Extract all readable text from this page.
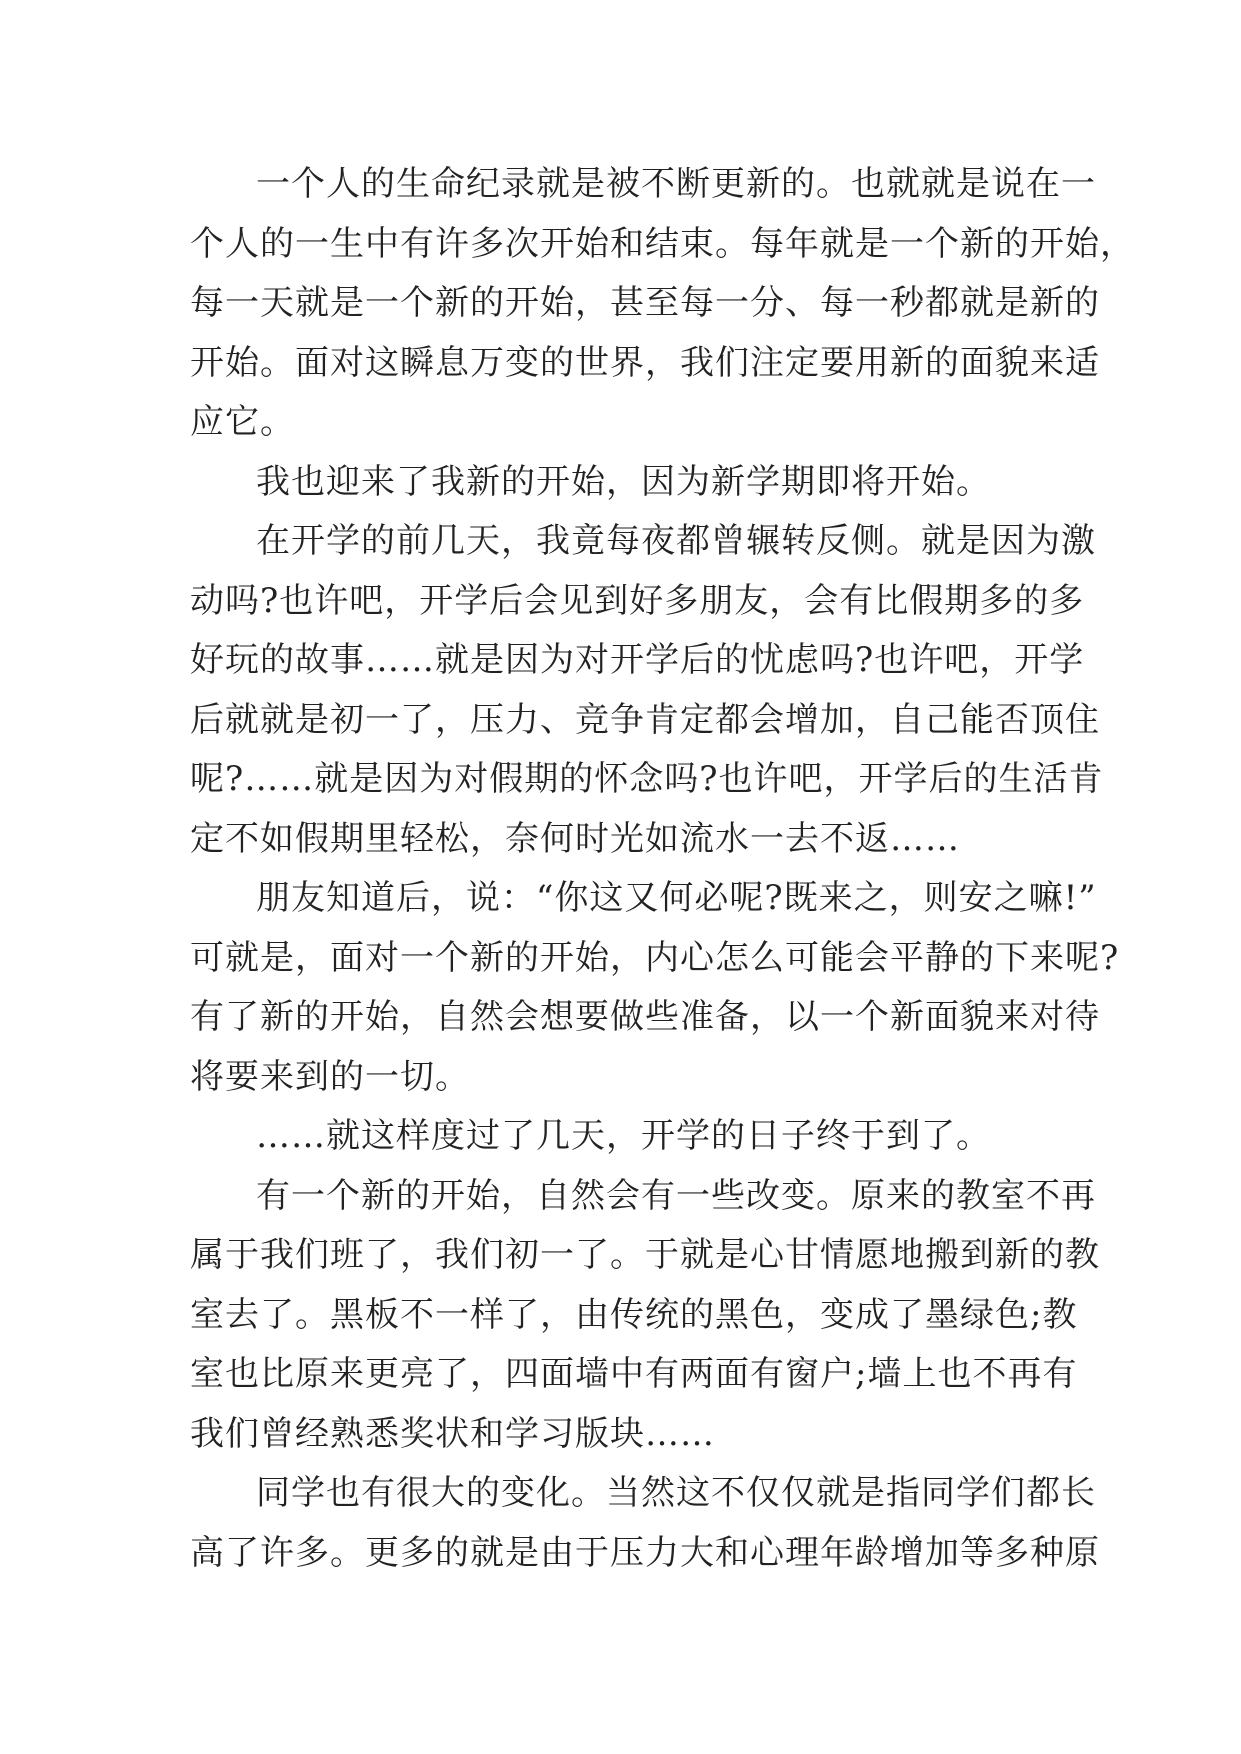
一个人的生命纪录就是被不断更新的。也就就是说在一
个人的一生中有许多次开始和结束。每年就是一个新的开始，
每一天就是一个新的开始，甚至每一分、每一秒都就是新的
开始。面对这瞬息万变的世界，我们注定要用新的面貌来适
应它。
我也迎来了我新的开始，因为新学期即将开始。
在开学的前几天，我竟每夜都曾辗转反侧。就是因为激
动吗?也许吧，开学后会见到好多朋友，会有比假期多的多
好玩的故事……就是因为对开学后的忧虑吗?也许吧，开学
后就就是初一了，压力、竞争肯定都会增加，自己能否顶住
呢?……就是因为对假期的怀念吗?也许吧，开学后的生活肯
定不如假期里轻松，奈何时光如流水一去不返……
朋友知道后，说：“你这又何必呢?既来之，则安之嘛!”
可就是，面对一个新的开始，内心怎么可能会平静的下来呢?
有了新的开始，自然会想要做些准备，以一个新面貌来对待
将要来到的一切。
……就这样度过了几天，开学的日子终于到了。
有一个新的开始，自然会有一些改变。原来的教室不再
属于我们班了，我们初一了。于就是心甘情愿地搬到新的教
室去了。黑板不一样了，由传统的黑色，变成了墨绿色;教
室也比原来更亮了，四面墙中有两面有窗户;墙上也不再有
我们曾经熟悉奖状和学习版块……
同学也有很大的变化。当然这不仅仅就是指同学们都长
高了许多。更多的就是由于压力大和心理年龄增加等多种原
